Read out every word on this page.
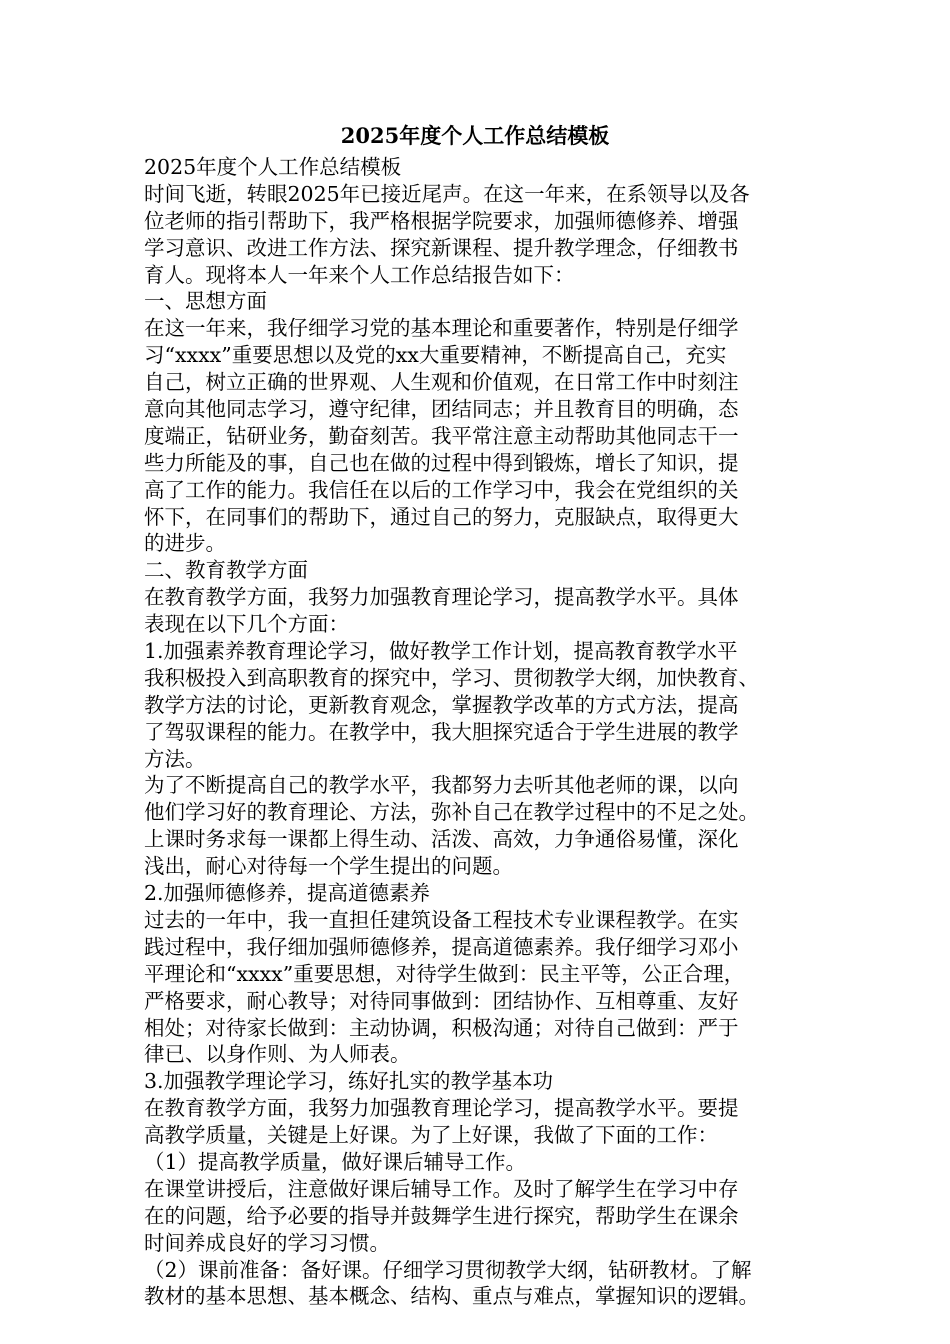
2025年度个人工作总结模板
2025年度个人工作总结模板
时间飞逝，转眼2025年已接近尾声。在这一年来，在系领导以及各
位老师的指引帮助下，我严格根据学院要求，加强师德修养、增强
学习意识、改进工作方法、探究新课程、提升教学理念，仔细教书
育人。现将本人一年来个人工作总结报告如下：
一、思想方面
在这一年来，我仔细学习党的基本理论和重要著作，特别是仔细学
习“xxxx”重要思想以及党的xx大重要精神，不断提高自己，充实
自己，树立正确的世界观、人生观和价值观，在日常工作中时刻注
意向其他同志学习，遵守纪律，团结同志；并且教育目的明确，态
度端正，钻研业务，勤奋刻苦。我平常注意主动帮助其他同志干一
些力所能及的事，自己也在做的过程中得到锻炼，增长了知识，提
高了工作的能力。我信任在以后的工作学习中，我会在党组织的关
怀下，在同事们的帮助下，通过自己的努力，克服缺点，取得更大
的进步。
二、教育教学方面
在教育教学方面，我努力加强教育理论学习，提高教学水平。具体
表现在以下几个方面：
1.加强素养教育理论学习，做好教学工作计划，提高教育教学水平
我积极投入到高职教育的探究中，学习、贯彻教学大纲，加快教育、
教学方法的讨论，更新教育观念，掌握教学改革的方式方法，提高
了驾驭课程的能力。在教学中，我大胆探究适合于学生进展的教学
方法。
为了不断提高自己的教学水平，我都努力去听其他老师的课，以向
他们学习好的教育理论、方法，弥补自己在教学过程中的不足之处。
上课时务求每一课都上得生动、活泼、高效，力争通俗易懂，深化
浅出，耐心对待每一个学生提出的问题。
2.加强师德修养，提高道德素养
过去的一年中，我一直担任建筑设备工程技术专业课程教学。在实
践过程中，我仔细加强师德修养，提高道德素养。我仔细学习邓小
平理论和“xxxx”重要思想，对待学生做到：民主平等，公正合理，
严格要求，耐心教导；对待同事做到：团结协作、互相尊重、友好
相处；对待家长做到：主动协调，积极沟通；对待自己做到：严于
律已、以身作则、为人师表。
3.加强教学理论学习，练好扎实的教学基本功
在教育教学方面，我努力加强教育理论学习，提高教学水平。要提
高教学质量，关键是上好课。为了上好课，我做了下面的工作：
（1）提高教学质量，做好课后辅导工作。
在课堂讲授后，注意做好课后辅导工作。及时了解学生在学习中存
在的问题，给予必要的指导并鼓舞学生进行探究，帮助学生在课余
时间养成良好的学习习惯。
（2）课前准备：备好课。仔细学习贯彻教学大纲，钻研教材。了解
教材的基本思想、基本概念、结构、重点与难点，掌握知识的逻辑。
